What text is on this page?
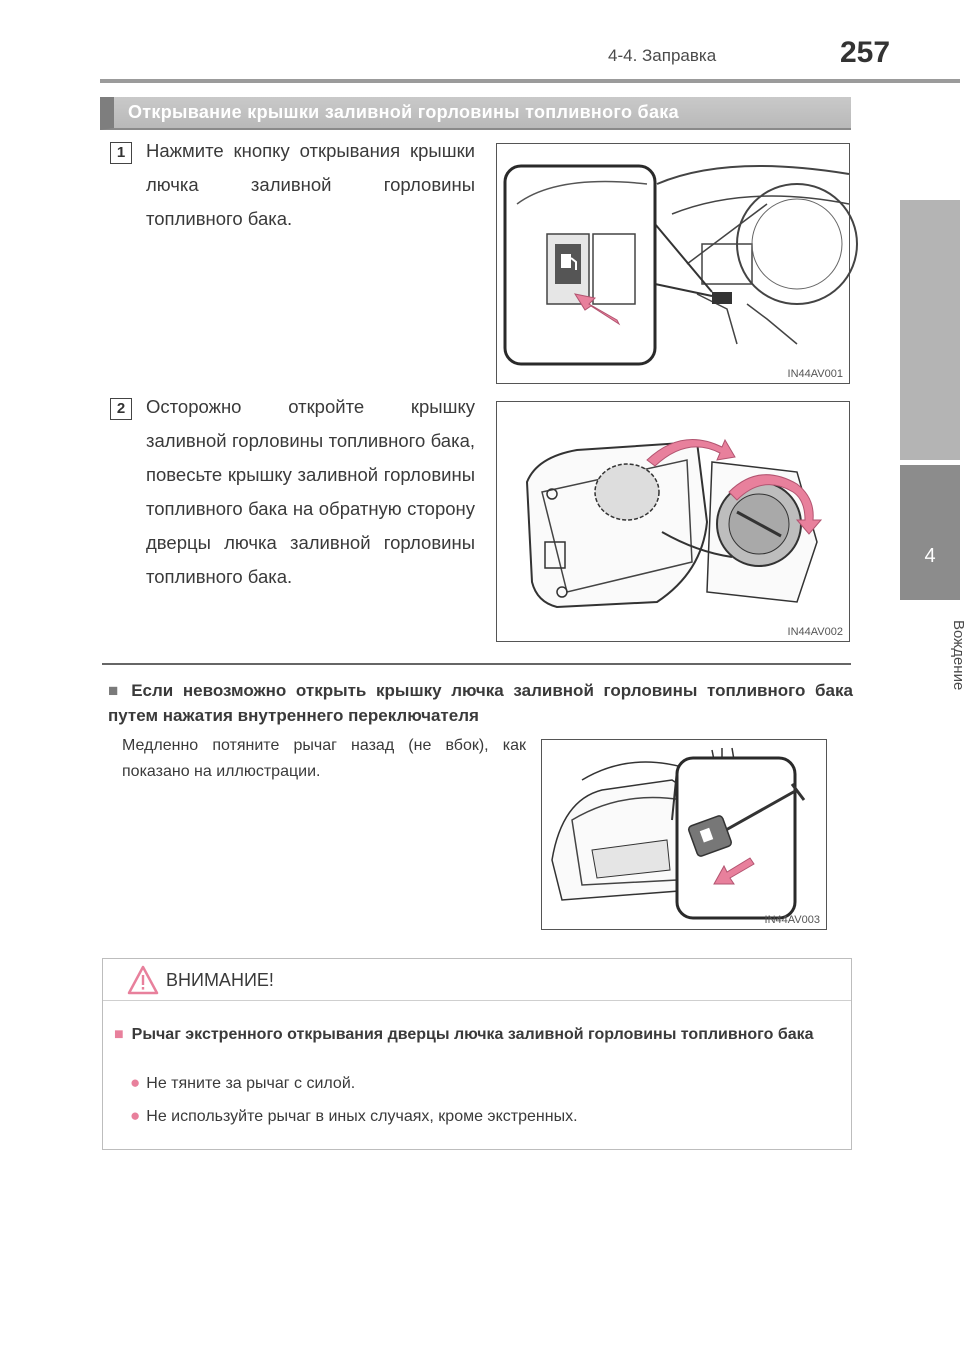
4-4. Заправка	257
4
Вождение
Открывание крышки заливной горловины топливного бака
1	Нажмите кнопку открывания крышки лючка заливной горловины топливного бака.
IN44AV001
2	Осторожно откройте крышку заливной горловины топливного бака, повесьте крышку заливной горловины топливного бака на обратную сторону дверцы лючка заливной горловины топливного бака.
IN44AV002
■ Если невозможно открыть крышку лючка заливной горловины топливного бака путем нажатия внутреннего переключателя
Медленно потяните рычаг назад (не вбок), как показано на иллюстрации.
IN44AV003
ВНИМАНИЕ!
■ Рычаг экстренного открывания дверцы лючка заливной горловины топливного бака
● Не тяните за рычаг с силой.
● Не используйте рычаг в иных случаях, кроме экстренных.
